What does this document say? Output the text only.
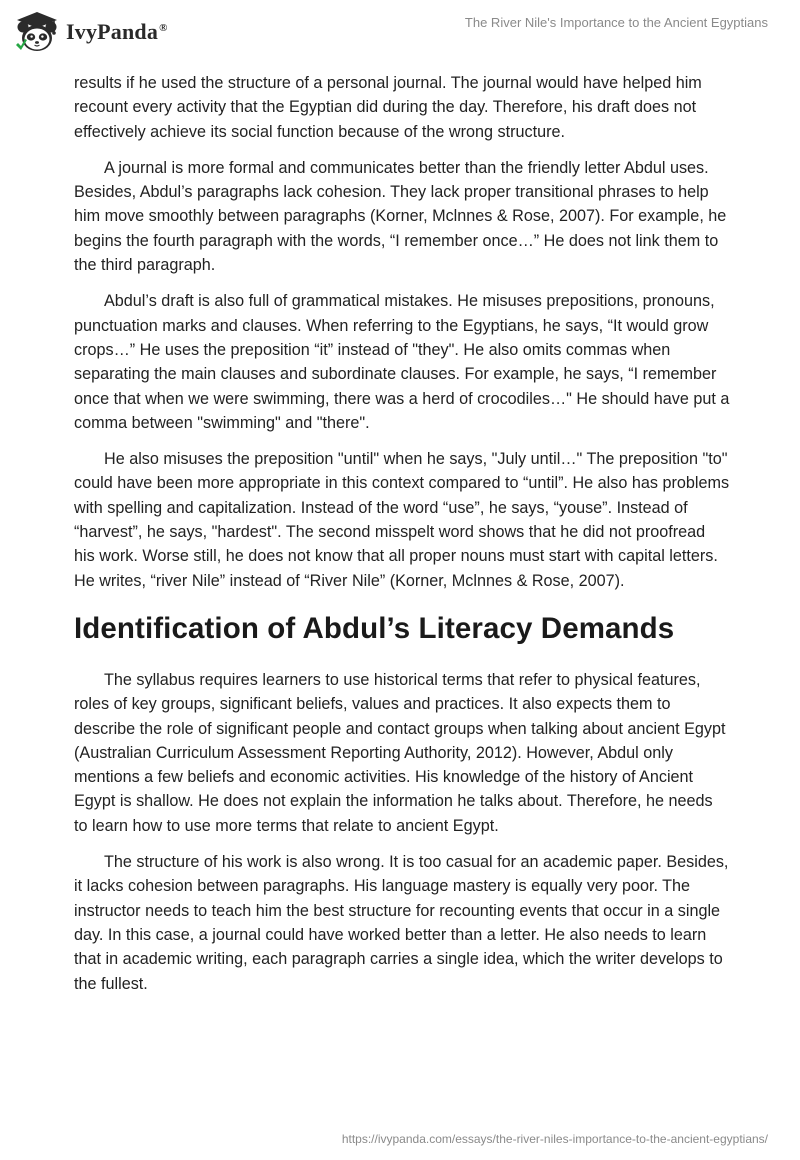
IvyPanda®	The River Nile's Importance to the Ancient Egyptians

results if he used the structure of a personal journal. The journal would have helped him recount every activity that the Egyptian did during the day. Therefore, his draft does not effectively achieve its social function because of the wrong structure.

A journal is more formal and communicates better than the friendly letter Abdul uses. Besides, Abdul’s paragraphs lack cohesion. They lack proper transitional phrases to help him move smoothly between paragraphs (Korner, Mclnnes & Rose, 2007). For example, he begins the fourth paragraph with the words, “I remember once…” He does not link them to the third paragraph.

Abdul’s draft is also full of grammatical mistakes. He misuses prepositions, pronouns, punctuation marks and clauses. When referring to the Egyptians, he says, “It would grow crops…” He uses the preposition “it” instead of "they". He also omits commas when separating the main clauses and subordinate clauses. For example, he says, “I remember once that when we were swimming, there was a herd of crocodiles…" He should have put a comma between "swimming" and "there".

He also misuses the preposition "until" when he says, "July until…" The preposition "to" could have been more appropriate in this context compared to “until”. He also has problems with spelling and capitalization. Instead of the word “use”, he says, “youse”. Instead of “harvest”, he says, "hardest". The second misspelt word shows that he did not proofread his work. Worse still, he does not know that all proper nouns must start with capital letters. He writes, “river Nile” instead of “River Nile” (Korner, Mclnnes & Rose, 2007).

Identification of Abdul’s Literacy Demands

The syllabus requires learners to use historical terms that refer to physical features, roles of key groups, significant beliefs, values and practices. It also expects them to describe the role of significant people and contact groups when talking about ancient Egypt (Australian Curriculum Assessment Reporting Authority, 2012). However, Abdul only mentions a few beliefs and economic activities. His knowledge of the history of Ancient Egypt is shallow. He does not explain the information he talks about. Therefore, he needs to learn how to use more terms that relate to ancient Egypt.

The structure of his work is also wrong. It is too casual for an academic paper. Besides, it lacks cohesion between paragraphs. His language mastery is equally very poor. The instructor needs to teach him the best structure for recounting events that occur in a single day. In this case, a journal could have worked better than a letter. He also needs to learn that in academic writing, each paragraph carries a single idea, which the writer develops to the fullest.

https://ivypanda.com/essays/the-river-niles-importance-to-the-ancient-egyptians/
